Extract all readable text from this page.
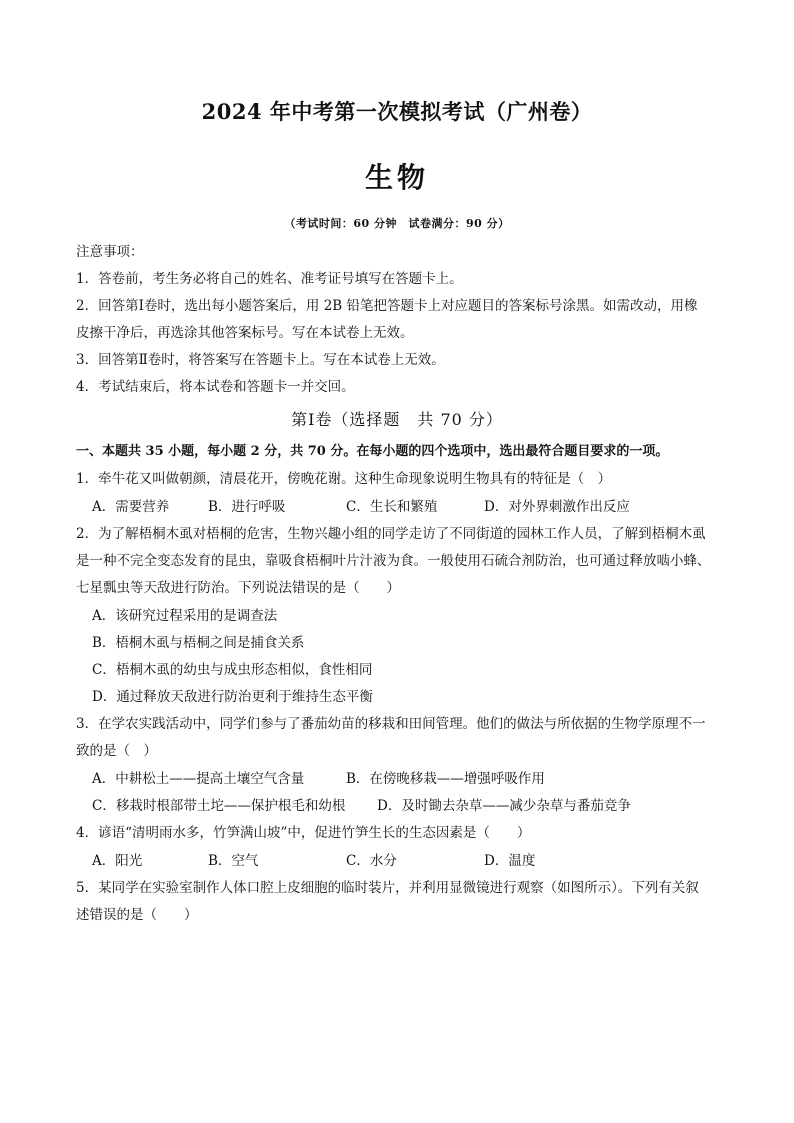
2024 年中考第一次模拟考试（广州卷）
生物
（考试时间：60 分钟　试卷满分：90 分）
注意事项：
1．答卷前，考生务必将自己的姓名、准考证号填写在答题卡上。
2．回答第Ⅰ卷时，选出每小题答案后，用 2B 铅笔把答题卡上对应题目的答案标号涂黑。如需改动，用橡
皮擦干净后，再选涂其他答案标号。写在本试卷上无效。
3．回答第Ⅱ卷时，将答案写在答题卡上。写在本试卷上无效。
4．考试结束后，将本试卷和答题卡一并交回。
第Ⅰ卷（选择题　共 70 分）
一、本题共 35 小题，每小题 2 分，共 70 分。在每小题的四个选项中，选出最符合题目要求的一项。
1．牵牛花又叫做朝颜，清晨花开，傍晚花谢。这种生命现象说明生物具有的特征是（　）
A．需要营养	B．进行呼吸	C．生长和繁殖	D．对外界刺激作出反应
2．为了解梧桐木虱对梧桐的危害，生物兴趣小组的同学走访了不同街道的园林工作人员，了解到梧桐木虱
是一种不完全变态发育的昆虫，靠吸食梧桐叶片汁液为食。一般使用石硫合剂防治，也可通过释放啮小蜂、
七星瓢虫等天敌进行防治。下列说法错误的是（　　）
A．该研究过程采用的是调查法
B．梧桐木虱与梧桐之间是捕食关系
C．梧桐木虱的幼虫与成虫形态相似，食性相同
D．通过释放天敌进行防治更利于维持生态平衡
3．在学农实践活动中，同学们参与了番茄幼苗的移栽和田间管理。他们的做法与所依据的生物学原理不一
致的是（　）
A．中耕松土——提高土壤空气含量	B．在傍晚移栽——增强呼吸作用
C．移栽时根部带土坨——保护根毛和幼根 D．及时锄去杂草——减少杂草与番茄竞争
4．谚语“清明雨水多，竹笋满山坡”中，促进竹笋生长的生态因素是（　　）
A．阳光	B．空气	C．水分	D．温度
5．某同学在实验室制作人体口腔上皮细胞的临时装片，并利用显微镜进行观察（如图所示）。下列有关叙
述错误的是（　　）
